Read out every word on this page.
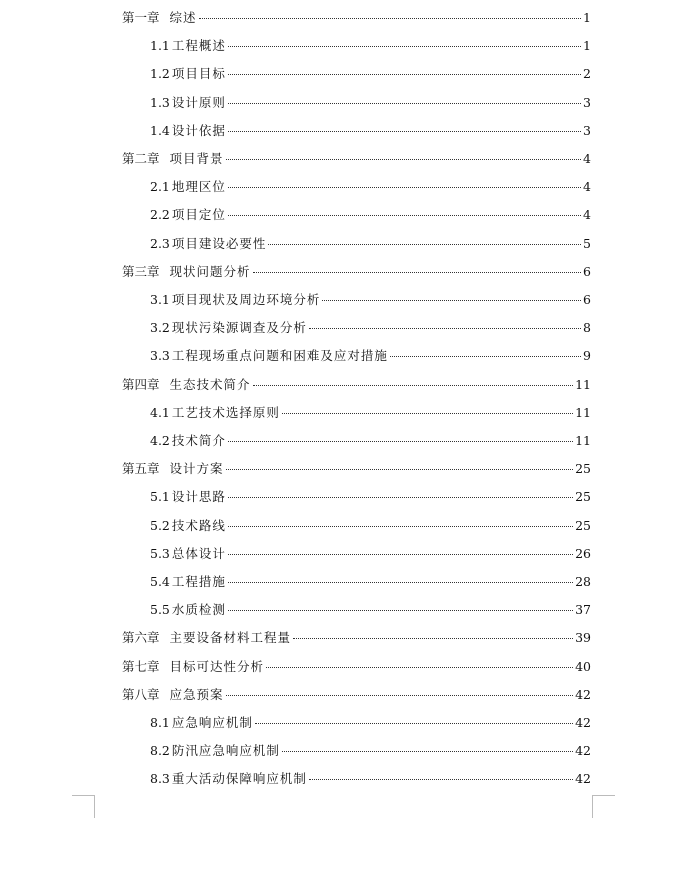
第一章 综述	1
1.1 工程概述	1
1.2 项目目标	2
1.3 设计原则	3
1.4 设计依据	3
第二章 项目背景	4
2.1 地理区位	4
2.2 项目定位	4
2.3 项目建设必要性	5
第三章 现状问题分析	6
3.1 项目现状及周边环境分析	6
3.2 现状污染源调查及分析	8
3.3 工程现场重点问题和困难及应对措施	9
第四章 生态技术简介	11
4.1 工艺技术选择原则	11
4.2 技术简介	11
第五章 设计方案	25
5.1 设计思路	25
5.2 技术路线	25
5.3 总体设计	26
5.4 工程措施	28
5.5 水质检测	37
第六章 主要设备材料工程量	39
第七章 目标可达性分析	40
第八章 应急预案	42
8.1 应急响应机制	42
8.2 防汛应急响应机制	42
8.3 重大活动保障响应机制	42
